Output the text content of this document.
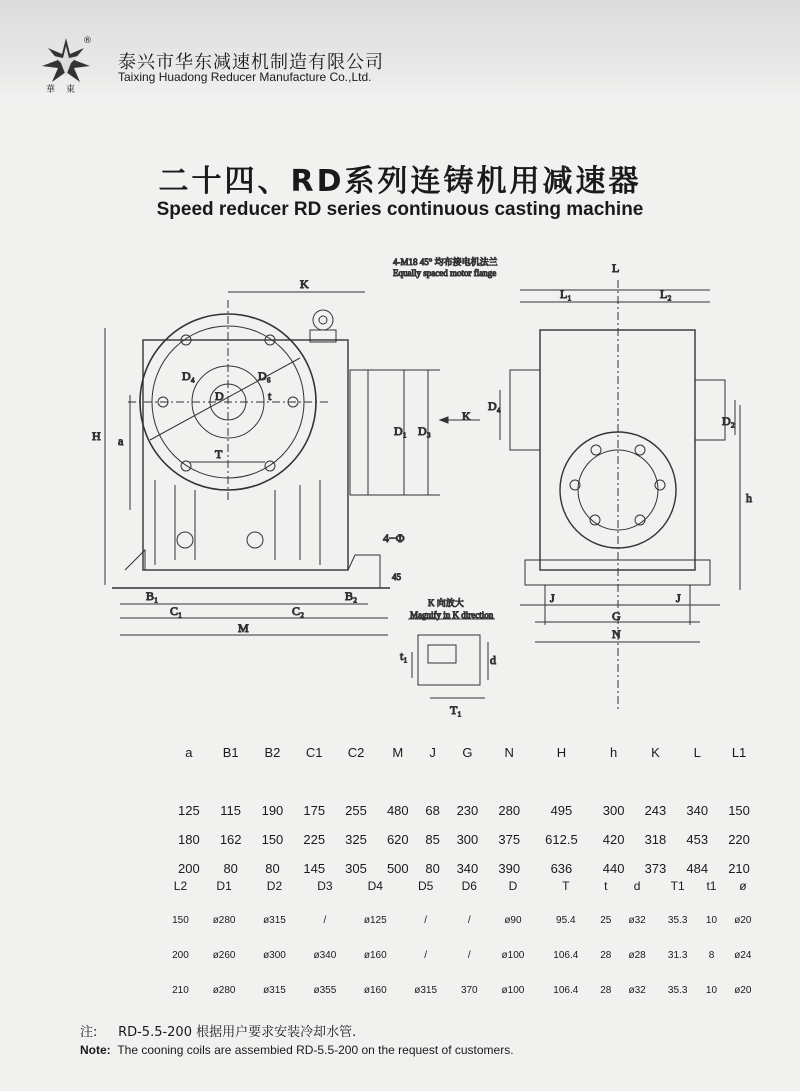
®
華東
泰兴市华东减速机制造有限公司
Taixing Huadong Reducer Manufacture Co.,Ltd.
二十四、RD系列连铸机用减速器
Speed reducer RD series continuous casting machine
K
H a
D₄	D₆
D
T
t
D₁ D₃
K
4-M18 45° 均布接电机法兰
Equally spaced motor flange
4−Φ
45
B₁
C₁	C₂
B₂
M
L
L₁	L₂
D₄
D₂
h
J	J
G
N
K 向放大
Magnify in K direction
t₁	d
T₁
a	B1	B2	C1	C2	M	J	G	N	H	h	K	L	L1

125	115	190	175	255	480	68	230	280	495	300	243	340	150
180	162	150	225	325	620	85	300	375	612.5	420	318	453	220
200	80	80	145	305	500	80	340	390	636	440	373	484	210
L2	D1	D2	D3	D4	D5	D6	D	T	t	d	T1	t1	ø
150	ø280	ø315	/	ø125	/	/	ø90	95.4	25	ø32	35.3	10	ø20
200	ø260	ø300	ø340	ø160	/	/	ø100	106.4	28	ø28	31.3	8	ø24
210	ø280	ø315	ø355	ø160	ø315	370	ø100	106.4	28	ø32	35.3	10	ø20
注: RD-5.5-200 根据用户要求安装冷却水管.
Note: The cooning coils are assembied RD-5.5-200 on the request of customers.
